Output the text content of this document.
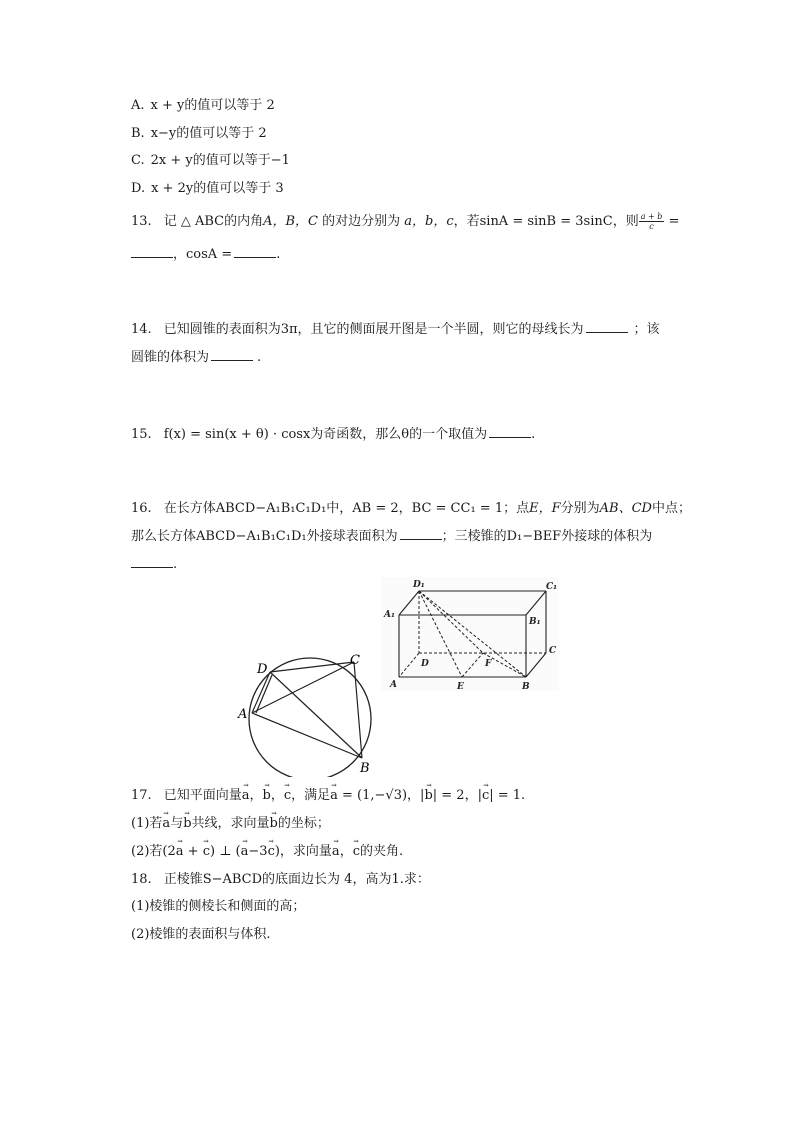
A. x + y的值可以等于 2
B. x−y的值可以等于 2
C. 2x + y的值可以等于−1
D. x + 2y的值可以等于 3
13. 记 △ ABC的内角A，B，C 的对边分别为 a，b，c，若sinA = sinB = 3sinC，则 $\frac{a + b}{c}$ =
，cosA =	.
14. 已知圆锥的表面积为3π，且它的侧面展开图是一个半圆，则它的母线长为	；该
圆锥的体积为	.
15. f(x) = sin(x + θ) · cosx为奇函数，那么θ的一个取值为	.
16. 在长方体ABCD−A₁B₁C₁D₁中，AB = 2，BC = CC₁ = 1；点E，F分别为AB、CD中点；
那么长方体ABCD−A₁B₁C₁D₁外接球表面积为	；三棱锥的D₁−BEF外接球的体积为
.
A
B
C
D
D₁	C₁
A₁
B₁
D	F
C
A	E	B
17. 已知平面向量→ a，→ b，→ c，满足→ a = (1,−√3)，|→ b| = 2，|→ c| = 1.
(1)若→ a与→ b共线，求向量→ b的坐标；
(2)若(2→ a + → c) ⊥ (→ a−3→ c)，求向量→ a，→ c的夹角.
18. 正棱锥S−ABCD的底面边长为 4，高为1.求：
(1)棱锥的侧棱长和侧面的高；
(2)棱锥的表面积与体积.
